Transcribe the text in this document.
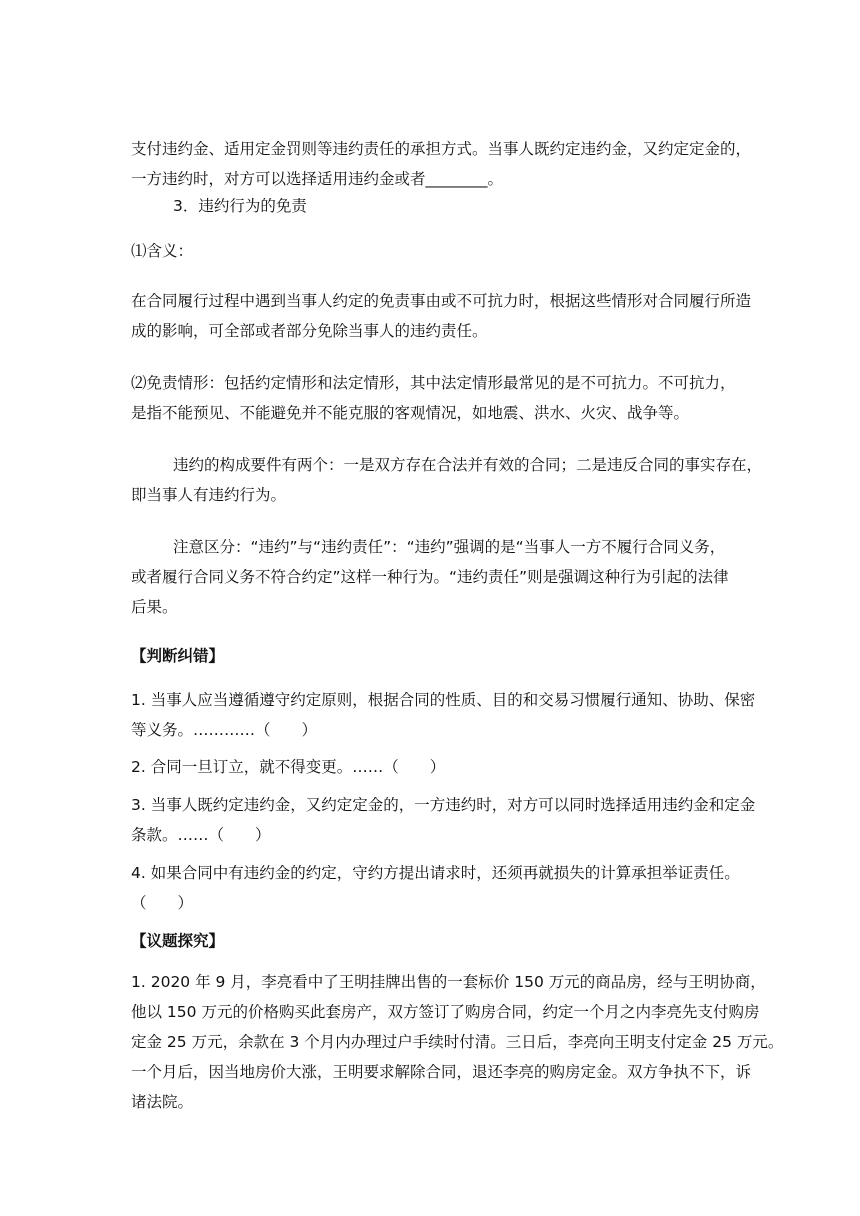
支付违约金、适用定金罚则等违约责任的承担方式。当事人既约定违约金，又约定定金的，
一方违约时，对方可以选择适用违约金或者________。

3．违约行为的免责

⑴含义：

在合同履行过程中遇到当事人约定的免责事由或不可抗力时，根据这些情形对合同履行所造
成的影响，可全部或者部分免除当事人的违约责任。

⑵免责情形：包括约定情形和法定情形，其中法定情形最常见的是不可抗力。不可抗力，
是指不能预见、不能避免并不能克服的客观情况，如地震、洪水、火灾、战争等。

违约的构成要件有两个：一是双方存在合法并有效的合同；二是违反合同的事实存在，
即当事人有违约行为。

注意区分：“违约”与“违约责任”：“违约”强调的是“当事人一方不履行合同义务，
或者履行合同义务不符合约定”这样一种行为。“违约责任”则是强调这种行为引起的法律
后果。

【判断纠错】

1. 当事人应当遵循遵守约定原则，根据合同的性质、目的和交易习惯履行通知、协助、保密
等义务。…………（　　）

2. 合同一旦订立，就不得变更。……（　　）

3. 当事人既约定违约金，又约定定金的，一方违约时，对方可以同时选择适用违约金和定金
条款。……（　　）

4. 如果合同中有违约金的约定，守约方提出请求时，还须再就损失的计算承担举证责任。
（　　）

【议题探究】

1. 2020 年 9 月，李亮看中了王明挂牌出售的一套标价 150 万元的商品房，经与王明协商，
他以 150 万元的价格购买此套房产，双方签订了购房合同，约定一个月之内李亮先支付购房
定金 25 万元，余款在 3 个月内办理过户手续时付清。三日后，李亮向王明支付定金 25 万元。
一个月后，因当地房价大涨，王明要求解除合同，退还李亮的购房定金。双方争执不下，诉
诸法院。
